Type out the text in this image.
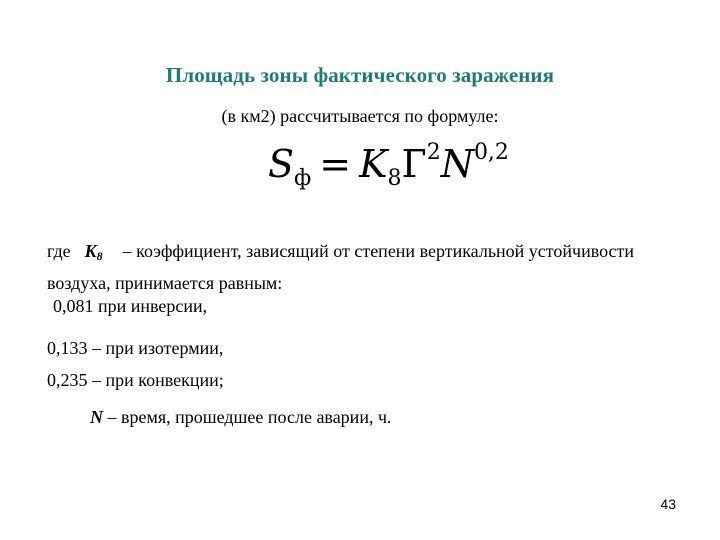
Площадь зоны фактического заражения
(в км2) рассчитывается по формуле:
$S_ф = K_8Г^2N^{0,2}$
где K8 – коэффициент, зависящий от степени вертикальной устойчивости воздуха, принимается равным:
0,081 при инверсии,
0,133 – при изотермии,
0,235 – при конвекции;
N – время, прошедшее после аварии, ч.
43
